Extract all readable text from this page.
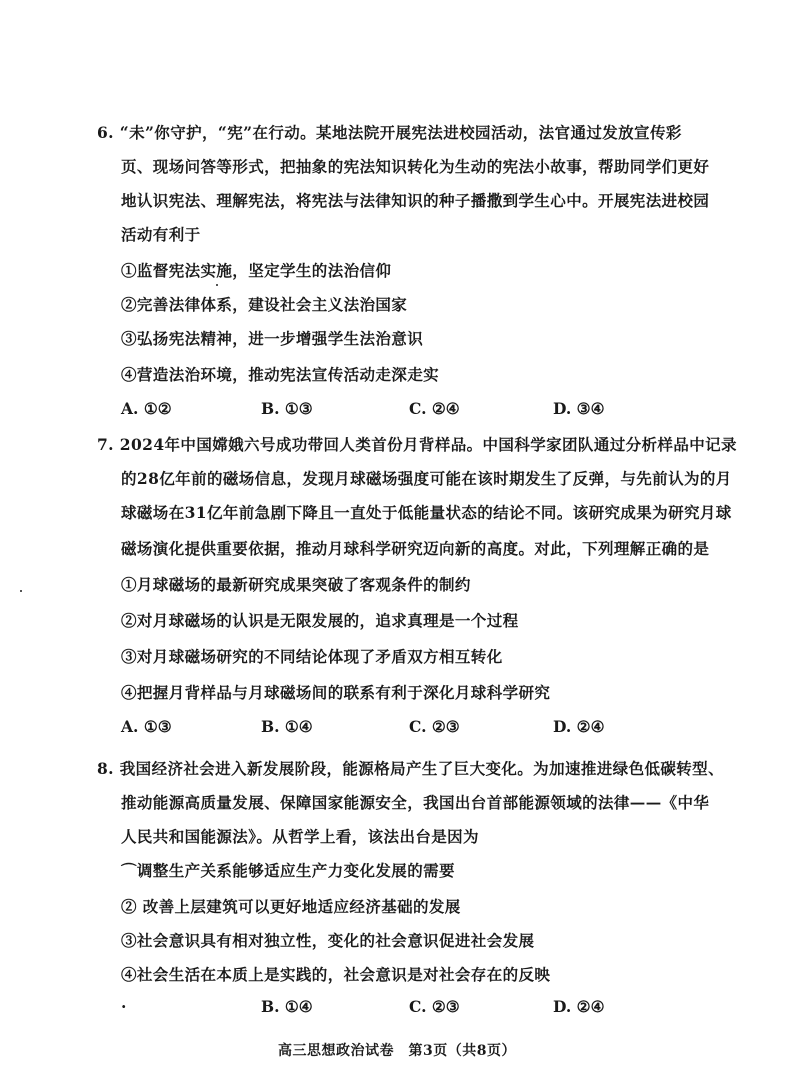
6. “未”你守护，“宪”在行动。某地法院开展宪法进校园活动，法官通过发放宣传彩
页、现场问答等形式，把抽象的宪法知识转化为生动的宪法小故事，帮助同学们更好
地认识宪法、理解宪法，将宪法与法律知识的种子播撒到学生心中。开展宪法进校园
活动有利于
①监督宪法实施，坚定学生的法治信仰
②完善法律体系，建设社会主义法治国家
③弘扬宪法精神，进一步增强学生法治意识
④营造法治环境，推动宪法宣传活动走深走实
A. ①②	B. ①③	C. ②④	D. ③④
7. 2024年中国嫦娥六号成功带回人类首份月背样品。中国科学家团队通过分析样品中记录
的28亿年前的磁场信息，发现月球磁场强度可能在该时期发生了反弹，与先前认为的月
球磁场在31亿年前急剧下降且一直处于低能量状态的结论不同。该研究成果为研究月球
磁场演化提供重要依据，推动月球科学研究迈向新的高度。对此，下列理解正确的是
①月球磁场的最新研究成果突破了客观条件的制约
②对月球磁场的认识是无限发展的，追求真理是一个过程
③对月球磁场研究的不同结论体现了矛盾双方相互转化
④把握月背样品与月球磁场间的联系有利于深化月球科学研究
A. ①③	B. ①④	C. ②③	D. ②④
8. 我国经济社会进入新发展阶段，能源格局产生了巨大变化。为加速推进绿色低碳转型、
推动能源高质量发展、保障国家能源安全，我国出台首部能源领域的法律——《中华
人民共和国能源法》。从哲学上看，该法出台是因为
⌒调整生产关系能够适应生产力变化发展的需要
② 改善上层建筑可以更好地适应经济基础的发展
③社会意识具有相对独立性，变化的社会意识促进社会发展
④社会生活在本质上是实践的，社会意识是对社会存在的反映
·	B. ①④	C. ②③	D. ②④
高三思想政治试卷　第3页（共8页）
